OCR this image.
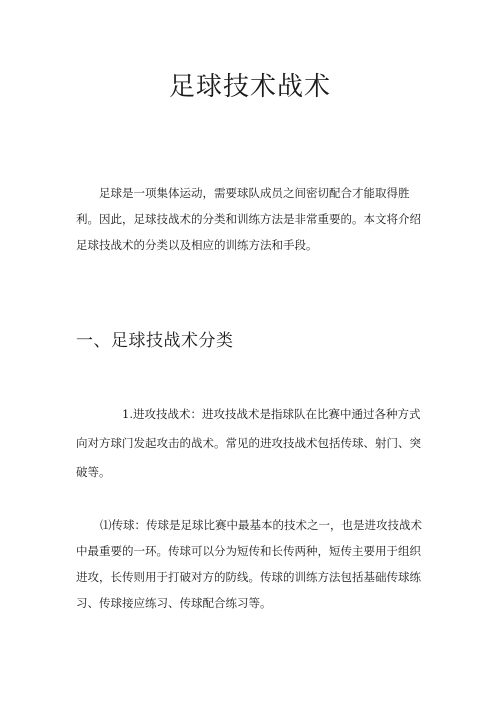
足球技术战术

足球是一项集体运动，需要球队成员之间密切配合才能取得胜利。因此，足球技战术的分类和训练方法是非常重要的。本文将介绍足球技战术的分类以及相应的训练方法和手段。

一、足球技战术分类

1.进攻技战术：进攻技战术是指球队在比赛中通过各种方式向对方球门发起攻击的战术。常见的进攻技战术包括传球、射门、突破等。

⑴传球：传球是足球比赛中最基本的技术之一，也是进攻技战术中最重要的一环。传球可以分为短传和长传两种，短传主要用于组织进攻，长传则用于打破对方的防线。传球的训练方法包括基础传球练习、传球接应练习、传球配合练习等。
